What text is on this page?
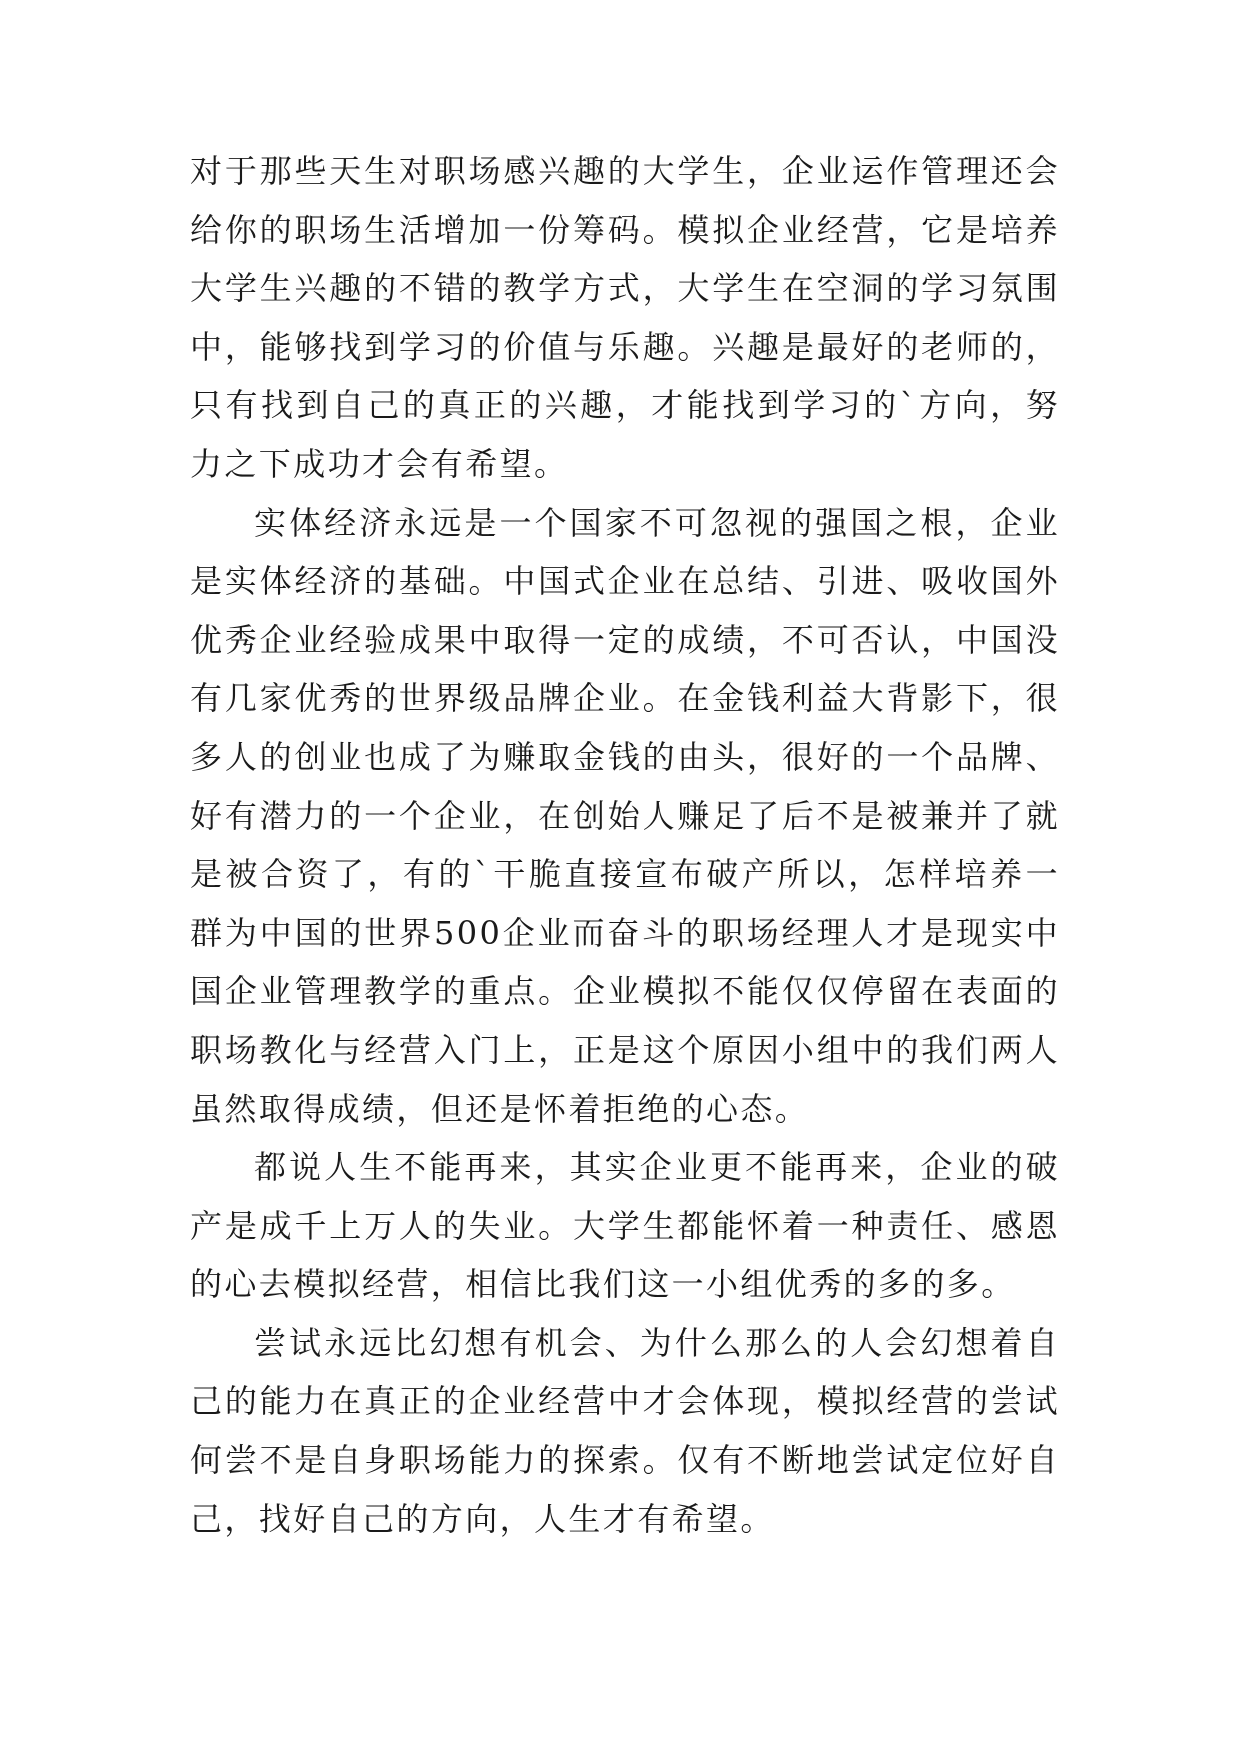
对于那些天生对职场感兴趣的大学生，企业运作管理还会给你的职场生活增加一份筹码。模拟企业经营，它是培养大学生兴趣的不错的教学方式，大学生在空洞的学习氛围中，能够找到学习的价值与乐趣。兴趣是最好的老师的，只有找到自己的真正的兴趣，才能找到学习的`方向，努力之下成功才会有希望。

实体经济永远是一个国家不可忽视的强国之根，企业是实体经济的基础。中国式企业在总结、引进、吸收国外优秀企业经验成果中取得一定的成绩，不可否认，中国没有几家优秀的世界级品牌企业。在金钱利益大背影下，很多人的创业也成了为赚取金钱的由头，很好的一个品牌、好有潜力的一个企业，在创始人赚足了后不是被兼并了就是被合资了，有的`干脆直接宣布破产所以，怎样培养一群为中国的世界500企业而奋斗的职场经理人才是现实中国企业管理教学的重点。企业模拟不能仅仅停留在表面的职场教化与经营入门上，正是这个原因小组中的我们两人虽然取得成绩，但还是怀着拒绝的心态。

都说人生不能再来，其实企业更不能再来，企业的破产是成千上万人的失业。大学生都能怀着一种责任、感恩的心去模拟经营，相信比我们这一小组优秀的多的多。

尝试永远比幻想有机会、为什么那么的人会幻想着自己的能力在真正的企业经营中才会体现，模拟经营的尝试何尝不是自身职场能力的探索。仅有不断地尝试定位好自己，找好自己的方向，人生才有希望。
